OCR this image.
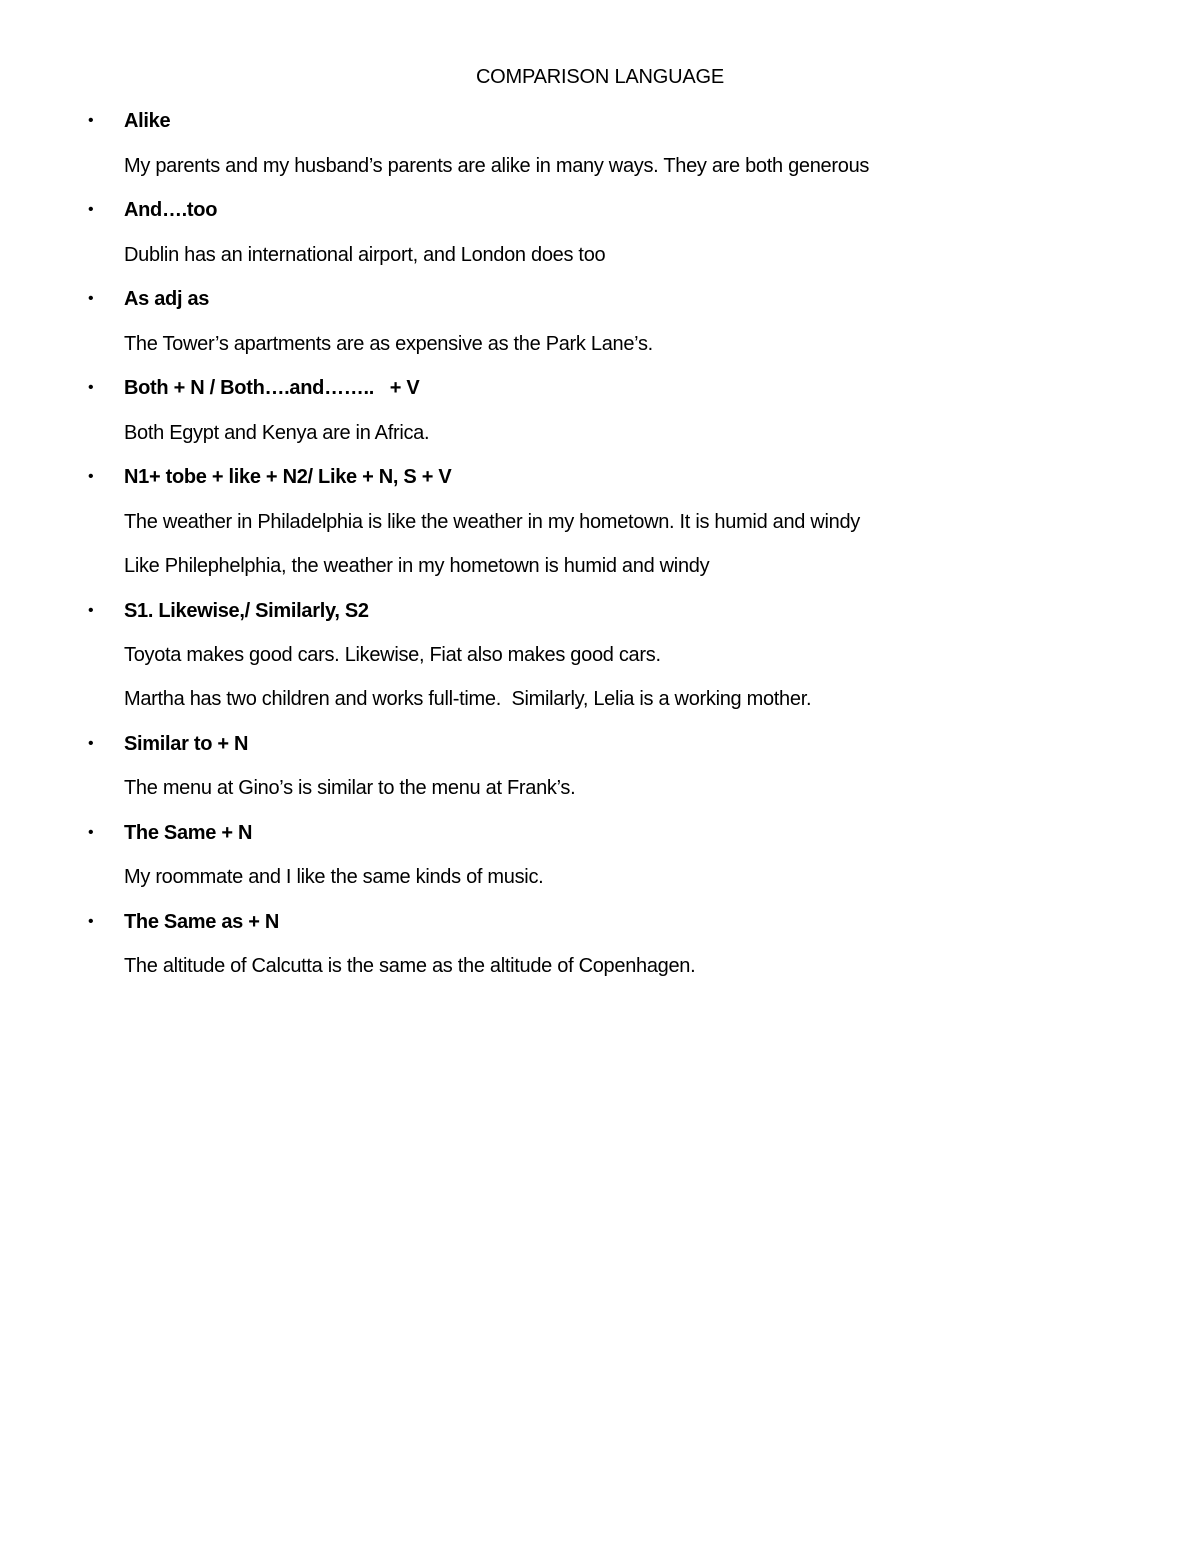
COMPARISON LANGUAGE
• Alike
My parents and my husband’s parents are alike in many ways. They are both generous
• And….too
Dublin has an international airport, and London does too
• As adj as
The Tower’s apartments are as expensive as the Park Lane’s.
• Both + N / Both….and……..   + V
Both Egypt and Kenya are in Africa.
• N1+ tobe + like + N2/ Like + N, S + V
The weather in Philadelphia is like the weather in my hometown. It is humid and windy
Like Philephelphia, the weather in my hometown is humid and windy
• S1. Likewise,/ Similarly, S2
Toyota makes good cars. Likewise, Fiat also makes good cars.
Martha has two children and works full-time.  Similarly, Lelia is a working mother.
• Similar to + N
The menu at Gino’s is similar to the menu at Frank’s.
• The Same + N
My roommate and I like the same kinds of music.
• The Same as + N
The altitude of Calcutta is the same as the altitude of Copenhagen.
